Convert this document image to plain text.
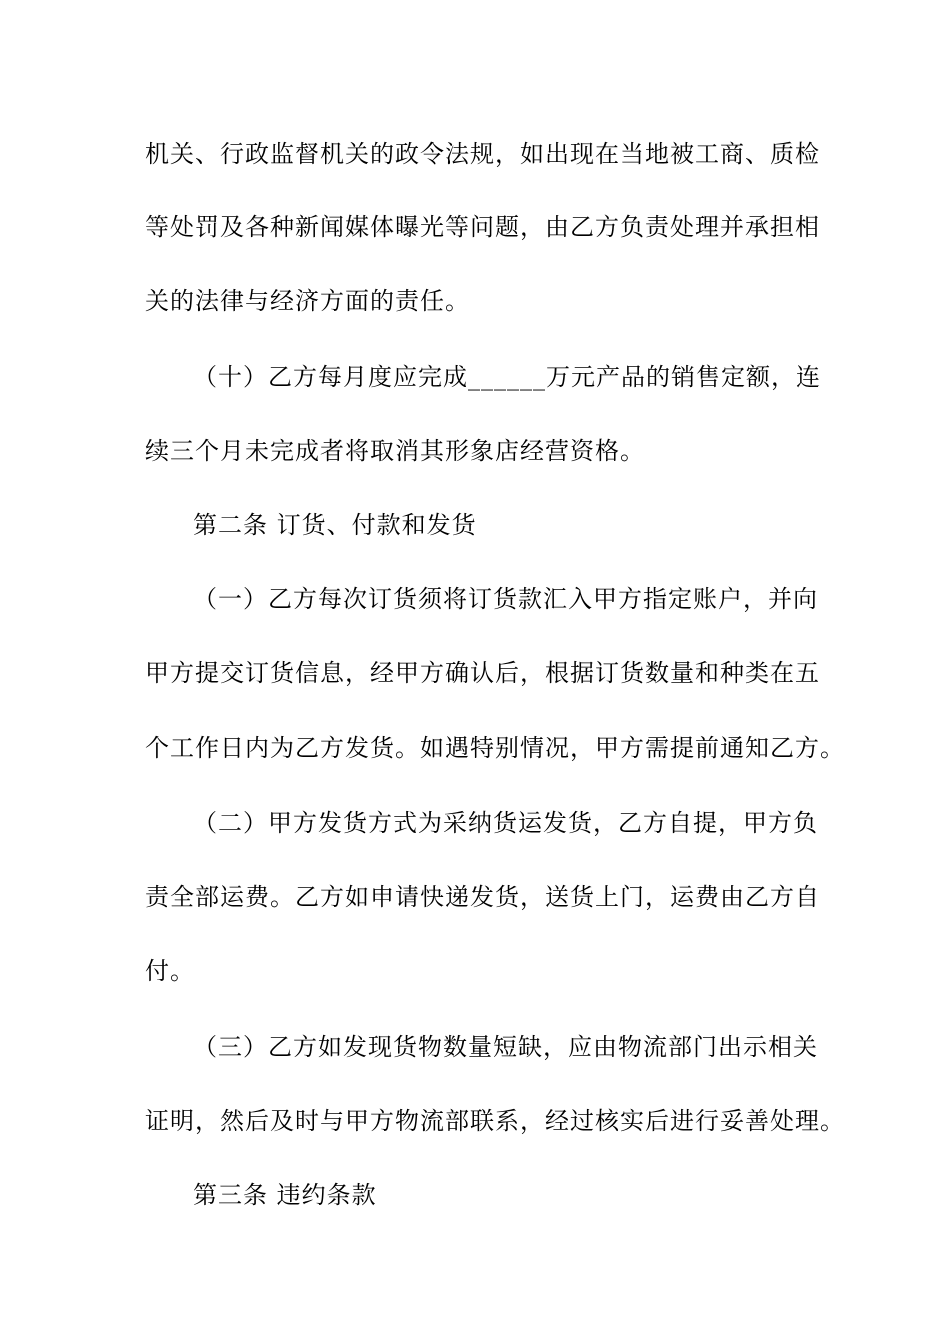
机关、行政监督机关的政令法规，如出现在当地被工商、质检
等处罚及各种新闻媒体曝光等问题，由乙方负责处理并承担相
关的法律与经济方面的责任。
（十）乙方每月度应完成______万元产品的销售定额，连
续三个月未完成者将取消其形象店经营资格。
第二条 订货、付款和发货
（一）乙方每次订货须将订货款汇入甲方指定账户，并向
甲方提交订货信息，经甲方确认后，根据订货数量和种类在五
个工作日内为乙方发货。如遇特别情况，甲方需提前通知乙方。
（二）甲方发货方式为采纳货运发货，乙方自提，甲方负
责全部运费。乙方如申请快递发货，送货上门，运费由乙方自
付。
（三）乙方如发现货物数量短缺，应由物流部门出示相关
证明，然后及时与甲方物流部联系，经过核实后进行妥善处理。
第三条 违约条款
